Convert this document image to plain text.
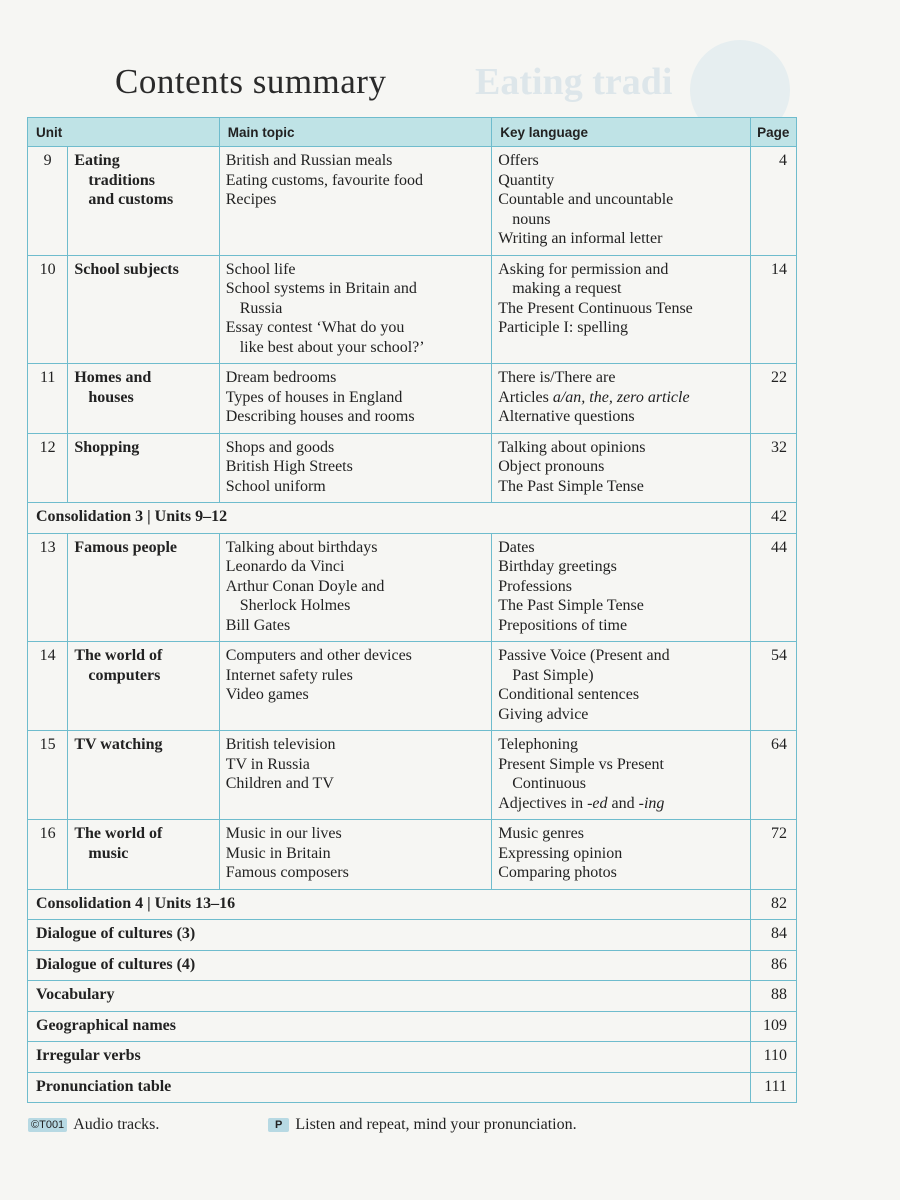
Eating tradi
Contents summary
Unit		Main topic	Key language	Page
9	Eating
traditions
and customs	British and Russian meals
Eating customs, favourite food
Recipes	Offers
Quantity
Countable and uncountable
nouns
Writing an informal letter	4
10	School subjects	School life
School systems in Britain and
Russia
Essay contest ‘What do you
like best about your school?’	Asking for permission and
making a request
The Present Continuous Tense
Participle I: spelling	14
11	Homes and
houses	Dream bedrooms
Types of houses in England
Describing houses and rooms	There is/There are
Articles a/an, the, zero article
Alternative questions	22
12	Shopping	Shops and goods
British High Streets
School uniform	Talking about opinions
Object pronouns
The Past Simple Tense	32
Consolidation 3 | Units 9–12				42
13	Famous people	Talking about birthdays
Leonardo da Vinci
Arthur Conan Doyle and
Sherlock Holmes
Bill Gates	Dates
Birthday greetings
Professions
The Past Simple Tense
Prepositions of time	44
14	The world of
computers	Computers and other devices
Internet safety rules
Video games	Passive Voice (Present and
Past Simple)
Conditional sentences
Giving advice	54
15	TV watching	British television
TV in Russia
Children and TV	Telephoning
Present Simple vs Present
Continuous
Adjectives in -ed and -ing	64
16	The world of
music	Music in our lives
Music in Britain
Famous composers	Music genres
Expressing opinion
Comparing photos	72
Consolidation 4 | Units 13–16				82
Dialogue of cultures (3)				84
Dialogue of cultures (4)				86
Vocabulary				88
Geographical names				109
Irregular verbs				110
Pronunciation table				111
©T001 Audio tracks.	P Listen and repeat, mind your pronunciation.
